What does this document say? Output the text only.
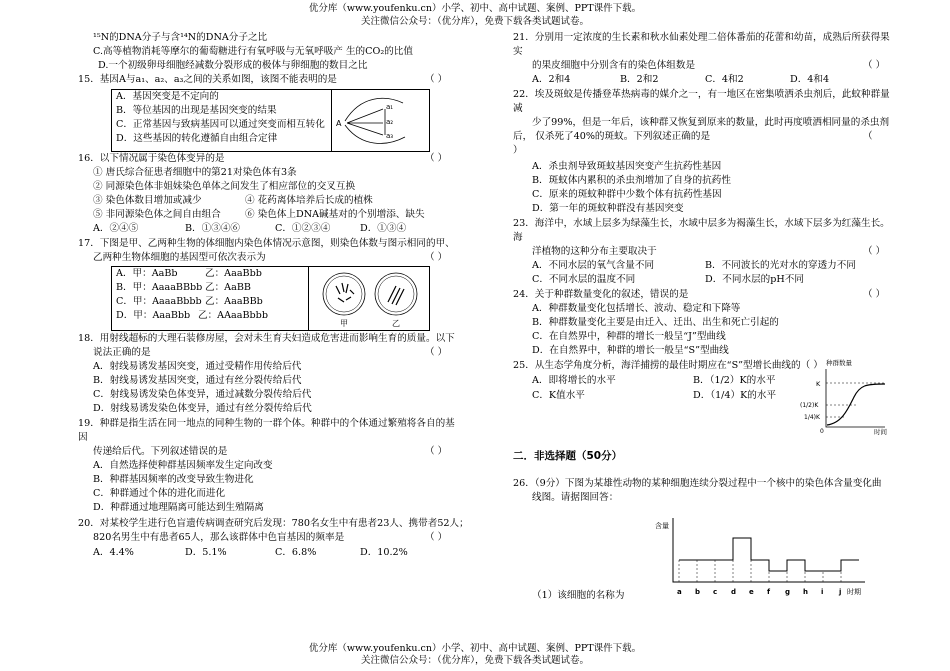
优分库（www.youfenku.cn）小学、初中、高中试题、案例、PPT课件下载。
关注微信公众号：（优分库），免费下载各类试题试卷。
优分库（www.youfenku.cn）小学、初中、高中试题、案例、PPT课件下载。
关注微信公众号：（优分库），免费下载各类试题试卷。
¹⁵N的DNA分子与含¹⁴N的DNA分子之比
C.高等植物消耗等摩尔的葡萄糖进行有氧呼吸与无氧呼吸产 生的CO₂的比值
D.一个初级卵母细胞经减数分裂形成的极体与卵细胞的数目之比
15．基因A与a₁、a₂、a₃之间的关系如图，该图不能表明的是	（ ）
A．基因突变是不定向的
B．等位基因的出现是基因突变的结果
C．正常基因与致病基因可以通过突变而相互转化
D．这些基因的转化遵循自由组合定律
A
a₁
a₂
a₃
16．以下情况属于染色体变异的是	（ ）
① 唐氏综合征患者细胞中的第21对染色体有3条
② 同源染色体非姐妹染色单体之间发生了相应部位的交叉互换
③ 染色体数目增加或减少	④ 花药离体培养后长成的植株
⑤ 非同源染色体之间自由组合	⑥ 染色体上DNA碱基对的个别增添、缺失
A．②④⑤	B．①③④⑥	C．①②③④	D．①③④
17．下图是甲、乙两种生物的体细胞内染色体情况示意图，则染色体数与图示相同的甲、
乙两种生物体细胞的基因型可依次表示为	（ ）
A．甲：AaBb	乙：AaaBbb
B．甲：AaaaBBbb 乙：AaBB
C．甲：AaaaBbbb 乙：AaaBBb
D．甲：AaaBbb 乙：AAaaBbbb
甲	乙
18．用射线超标的大理石装修房屋，会对未生育夫妇造成危害进而影响生育的质量。以下
说法正确的是	（ ）
A．射线易诱发基因突变，通过受精作用传给后代
B．射线易诱发基因突变，通过有丝分裂传给后代
C．射线易诱发染色体变异，通过减数分裂传给后代
D．射线易诱发染色体变异，通过有丝分裂传给后代
19．种群是指生活在同一地点的同种生物的一群个体。种群中的个体通过繁殖将各自的基
因
传递给后代。下列叙述错误的是	（ ）
A．自然选择使种群基因频率发生定向改变
B．种群基因频率的改变导致生物进化
C．种群通过个体的进化而进化
D．种群通过地理隔离可能达到生殖隔离
20．对某校学生进行色盲遗传病调查研究后发现：780名女生中有患者23人、携带者52人；
820名男生中有患者65人，那么该群体中色盲基因的频率是	（ ）
A．4.4%	D．5.1%	C．6.8%	D．10.2%
21．分别用一定浓度的生长素和秋水仙素处理二倍体番茄的花蕾和幼苗，成熟后所获得果
实
的果皮细胞中分别含有的染色体组数是	（ ）
A．2和4	B．2和2	C．4和2	D．4和4
22．埃及斑蚊是传播登革热病毒的媒介之一，有一地区在密集喷洒杀虫剂后，此蚊种群量
减
少了99%，但是一年后，该种群又恢复到原来的数量，此时再度喷洒相同量的杀虫剂
后， 仅杀死了40%的斑蚊。下列叙述正确的是	（
）
A．杀虫剂导致斑蚊基因突变产生抗药性基因
B．斑蚊体内累积的杀虫剂增加了自身的抗药性
C．原来的斑蚊种群中少数个体有抗药性基因
D．第一年的斑蚊种群没有基因突变
23．海洋中，水域上层多为绿藻生长，水域中层多为褐藻生长，水域下层多为红藻生长。
海
洋植物的这种分布主要取决于	（ ）
A．不同水层的氧气含量不同	B．不同波长的光对水的穿透力不同
C．不同水层的温度不同	D．不同水层的pH不同
24．关于种群数量变化的叙述，错误的是	（ ）
A．种群数量变化包括增长、波动、稳定和下降等
B．种群数量变化主要是由迁入、迁出、出生和死亡引起的
C．在自然界中，种群的增长一般呈“J”型曲线
D．在自然界中，种群的增长一般呈“S”型曲线
25．从生态学角度分析，海洋捕捞的最佳时期应在“S”型增长曲线的（ ）
A．即将增长的水平	B．（1/2）K的水平
C．K值水平	D．（1/4）K的水平
种群数量
K
(1/2)K
1/4)K
0	时间
二．非选择题（50分）
26．（9分）下图为某雄性动物的某种细胞连续分裂过程中一个核中的染色体含量变化曲
线图。请据图回答：
含量
时期
a b c d e f g h i j
（1）该细胞的名称为
